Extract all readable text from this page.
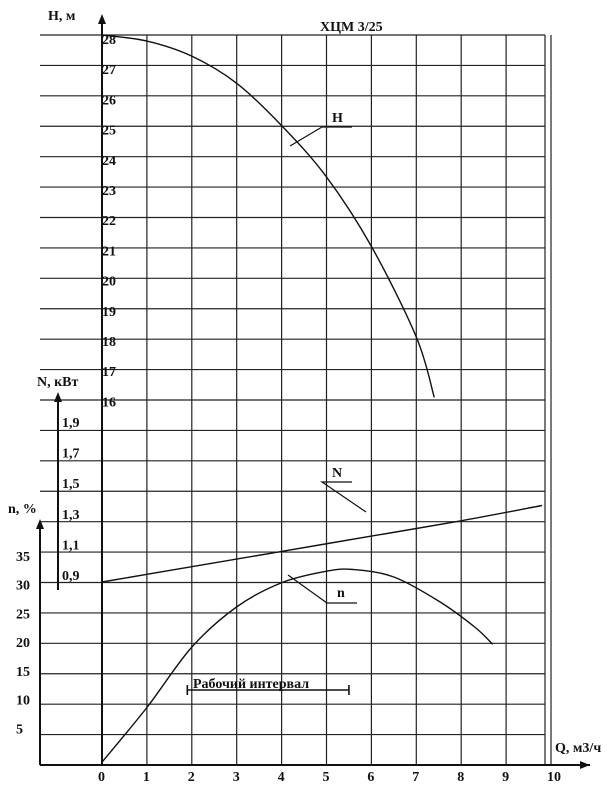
0	1	2	3	4	5	6	7	8	9	10
28
27
26
25
24
23
22
21
20
19
18
17
16
1,9
1,7
1,5
1,3
1,1
0,9
35
30
25
20
15
10
5
Н
N
n
ХЦМ 3/25
Н, м
N, кВт
n, %
Q, м3/ч
Рабочий интервал
